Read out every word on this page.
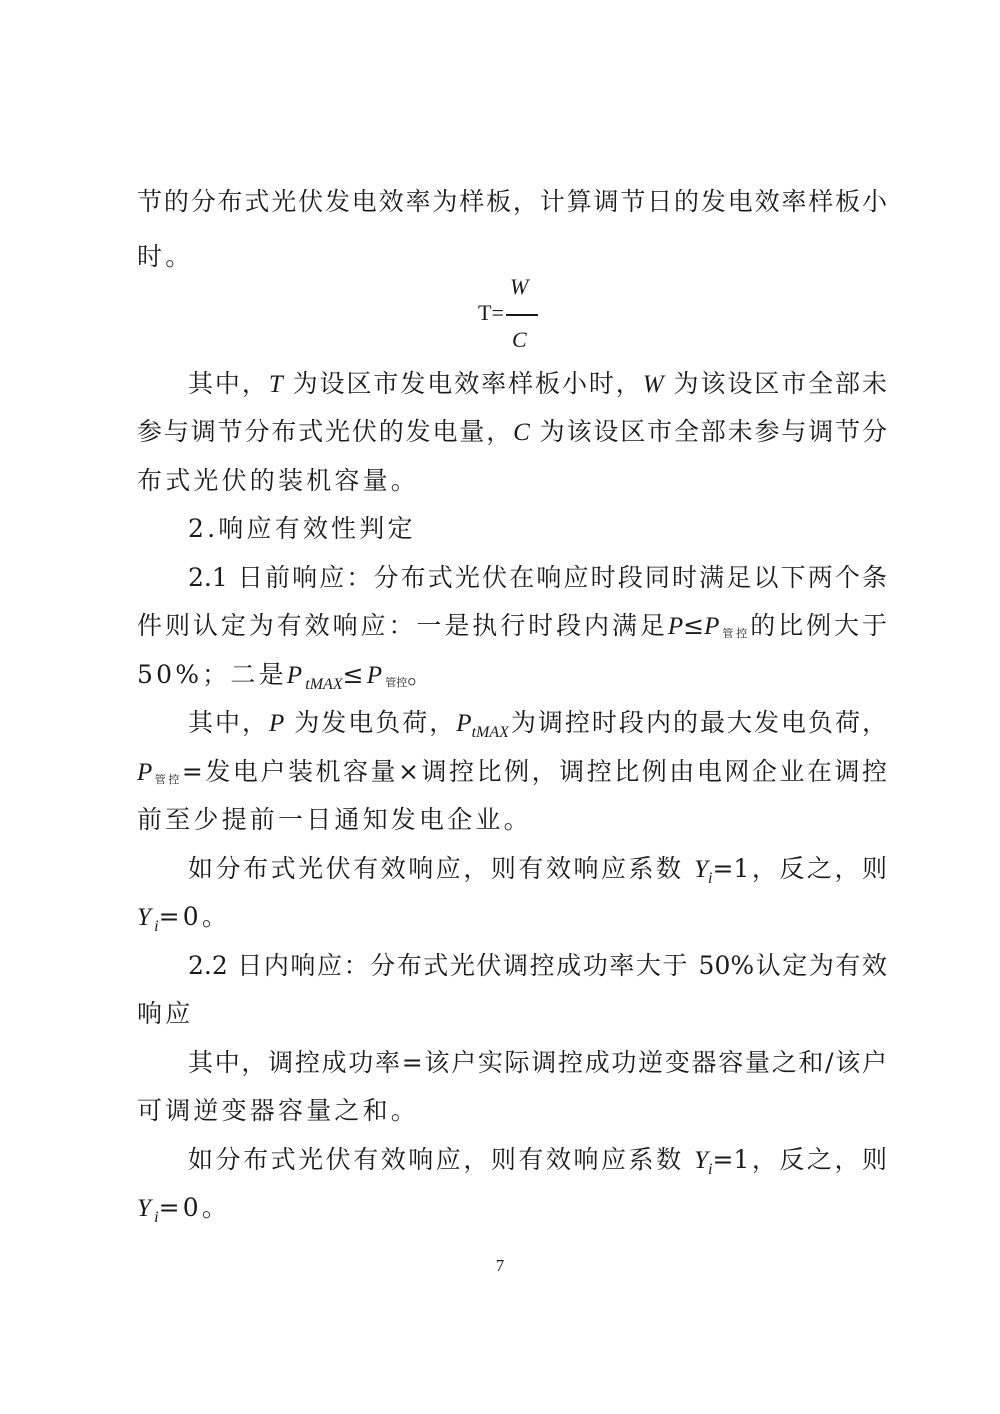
节的分布式光伏发电效率为样板，计算调节日的发电效率样板小
时。
T=
W
C
其中，T 为设区市发电效率样板小时，W 为该设区市全部未
参与调节分布式光伏的发电量，C 为该设区市全部未参与调节分
布式光伏的装机容量。
2.响应有效性判定
2.1 日前响应：分布式光伏在响应时段同时满足以下两个条
件则认定为有效响应：一是执行时段内满足P≤P管控的比例大于
50%；二是$P_{tMAX}\le P$管控。
其中，P 为发电负荷，$P_{tMAX}$为调控时段内的最大发电负荷，
P管控=发电户装机容量×调控比例，调控比例由电网企业在调控
前至少提前一日通知发电企业。
如分布式光伏有效响应，则有效响应系数 $Y_i=1$，反之，则
$Y_i=0$。
2.2 日内响应：分布式光伏调控成功率大于 50%认定为有效
响应
其中，调控成功率=该户实际调控成功逆变器容量之和/该户
可调逆变器容量之和。
如分布式光伏有效响应，则有效响应系数 $Y_i=1$，反之，则
$Y_i=0$。
7
